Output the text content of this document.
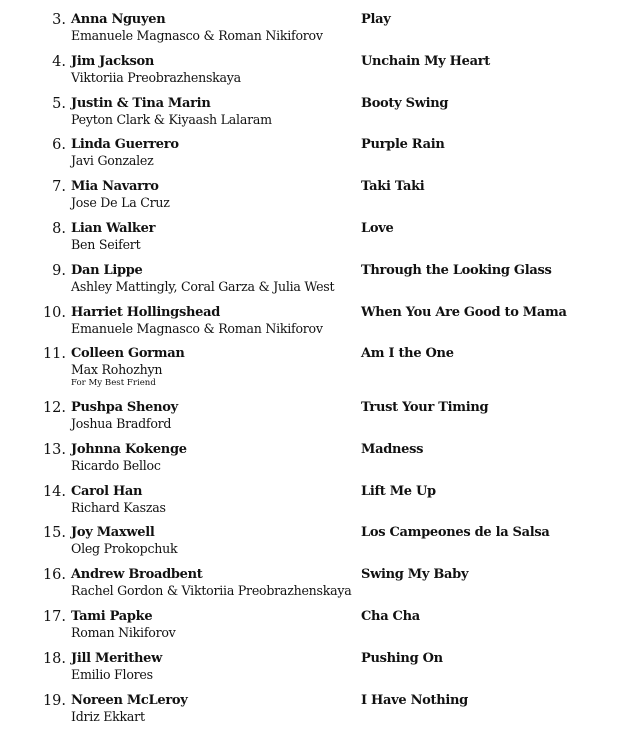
3. Anna Nguyen
Emanuele Magnasco & Roman Nikiforov
Play
4. Jim Jackson
Viktoriia Preobrazhenskaya
Unchain My Heart
5. Justin & Tina Marin
Peyton Clark & Kiyaash Lalaram
Booty Swing
6. Linda Guerrero
Javi Gonzalez
Purple Rain
7. Mia Navarro
Jose De La Cruz
Taki Taki
8. Lian Walker
Ben Seifert
Love
9. Dan Lippe
Ashley Mattingly, Coral Garza & Julia West
Through the Looking Glass
10. Harriet Hollingshead
Emanuele Magnasco & Roman Nikiforov
When You Are Good to Mama
11. Colleen Gorman
Max Rohozhyn
Am I the One
For My Best Friend
12. Pushpa Shenoy
Joshua Bradford
Trust Your Timing
13. Johnna Kokenge
Ricardo Belloc
Madness
14. Carol Han
Richard Kaszas
Lift Me Up
15. Joy Maxwell
Oleg Prokopchuk
Los Campeones de la Salsa
16. Andrew Broadbent
Rachel Gordon & Viktoriia Preobrazhenskaya
Swing My Baby
17. Tami Papke
Roman Nikiforov
Cha Cha
18. Jill Merithew
Emilio Flores
Pushing On
19. Noreen McLeroy
Idriz Ekkart
I Have Nothing
